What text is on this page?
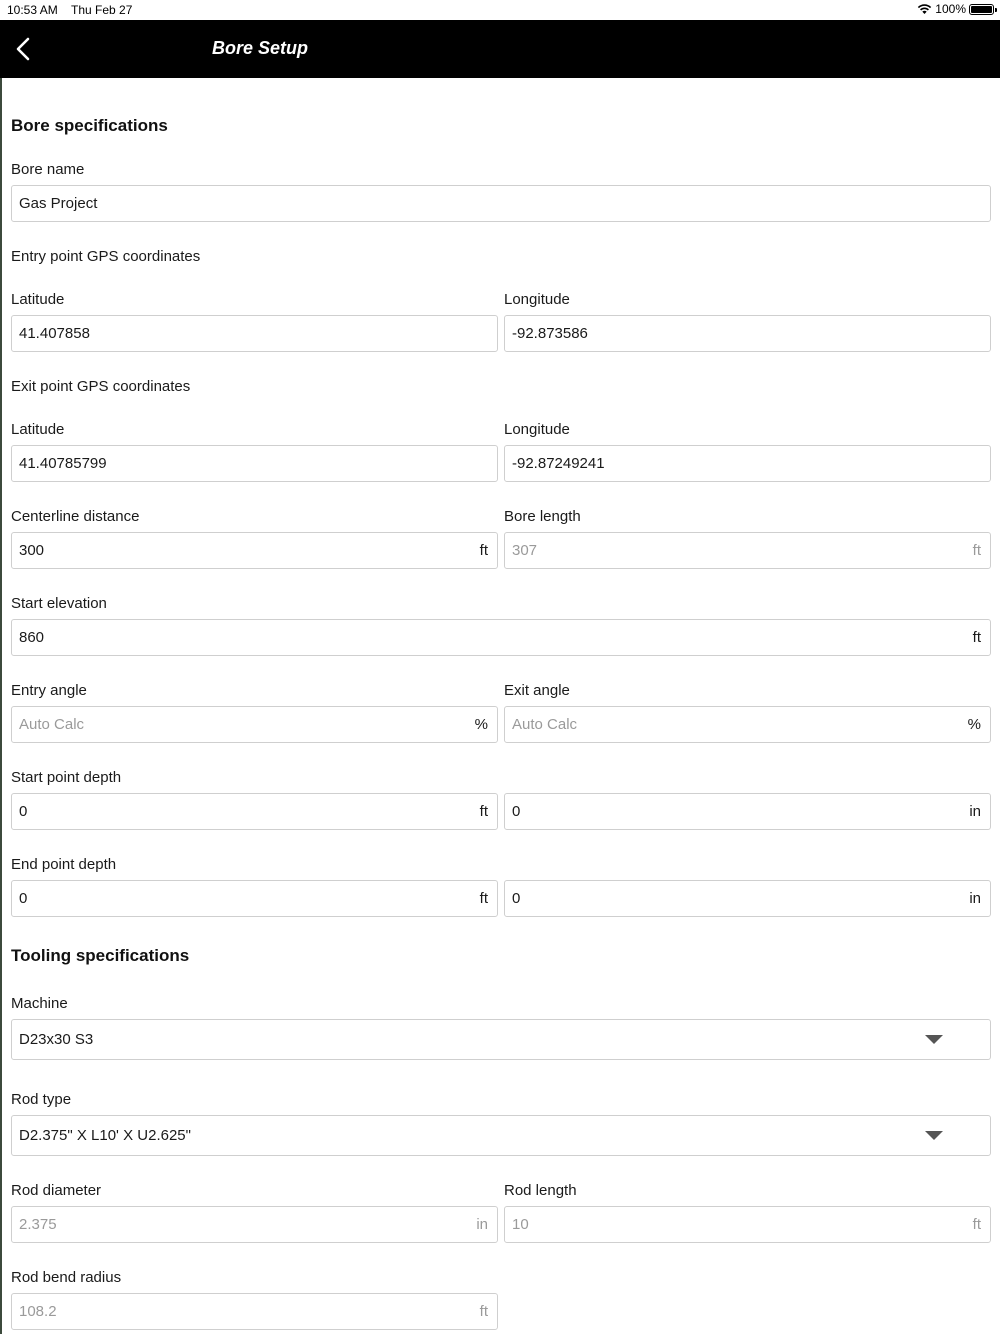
10:53 AM Thu Feb 27	100%
Bore Setup
Bore specifications
Bore name
Gas Project
Entry point GPS coordinates
Latitude	Longitude
41.407858	-92.873586
Exit point GPS coordinates
Latitude	Longitude
41.40785799	-92.87249241
Centerline distance	Bore length
300	ft 307	ft
Start elevation
860	ft
Entry angle	Exit angle
Auto Calc	% Auto Calc	%
Start point depth
0	ft 0	in
End point depth
0	ft 0	in
Tooling specifications
Machine
D23x30 S3
Rod type
D2.375" X L10' X U2.625"
Rod diameter	Rod length
2.375	in 10	ft
Rod bend radius
108.2	ft
